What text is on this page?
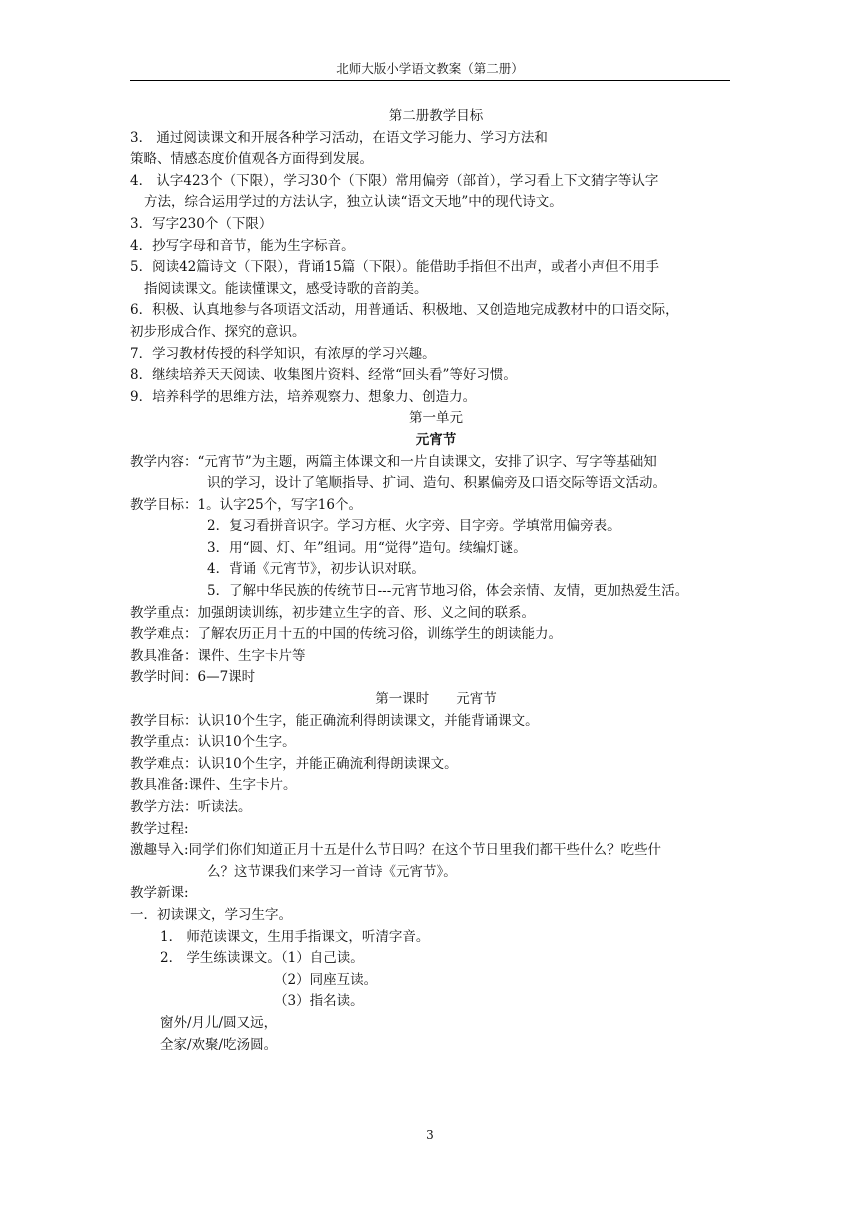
北师大版小学语文教案（第二册）

第二册教学目标

3． 通过阅读课文和开展各种学习活动，在语文学习能力、学习方法和

策略、情感态度价值观各方面得到发展。

4． 认字423个（下限），学习30个（下限）常用偏旁（部首），学习看上下文猜字等认字

方法，综合运用学过的方法认字，独立认读“语文天地”中的现代诗文。

3．写字230个（下限）

4．抄写字母和音节，能为生字标音。

5．阅读42篇诗文（下限），背诵15篇（下限）。能借助手指但不出声，或者小声但不用手

指阅读课文。能读懂课文，感受诗歌的音韵美。

6．积极、认真地参与各项语文活动，用普通话、积极地、又创造地完成教材中的口语交际，

初步形成合作、探究的意识。

7．学习教材传授的科学知识，有浓厚的学习兴趣。

8．继续培养天天阅读、收集图片资料、经常“回头看”等好习惯。

9．培养科学的思维方法，培养观察力、想象力、创造力。

第一单元

元宵节

教学内容：“元宵节”为主题，两篇主体课文和一片自读课文，安排了识字、写字等基础知

识的学习，设计了笔顺指导、扩词、造句、积累偏旁及口语交际等语文活动。

教学目标：1。认字25个，写字16个。

2．复习看拼音识字。学习方框、火字旁、目字旁。学填常用偏旁表。

3．用“圆、灯、年”组词。用“觉得”造句。续编灯谜。

4．背诵《元宵节》，初步认识对联。

5．了解中华民族的传统节日---元宵节地习俗，体会亲情、友情，更加热爱生活。

教学重点：加强朗读训练，初步建立生字的音、形、义之间的联系。

教学难点：了解农历正月十五的中国的传统习俗，训练学生的朗读能力。

教具准备：课件、生字卡片等

教学时间：6—7课时

第一课时　　元宵节

教学目标：认识10个生字，能正确流利得朗读课文，并能背诵课文。

教学重点：认识10个生字。

教学难点：认识10个生字，并能正确流利得朗读课文。

教具准备:课件、生字卡片。

教学方法：听读法。

教学过程:

激趣导入:同学们你们知道正月十五是什么节日吗？在这个节日里我们都干些什么？吃些什

么？这节课我们来学习一首诗《元宵节》。

教学新课:

一．初读课文，学习生字。

1． 师范读课文，生用手指课文，听清字音。

2． 学生练读课文。（1）自己读。

（2）同座互读。

（3）指名读。

窗外/月儿/圆又远，

全家/欢聚/吃汤圆。

3
